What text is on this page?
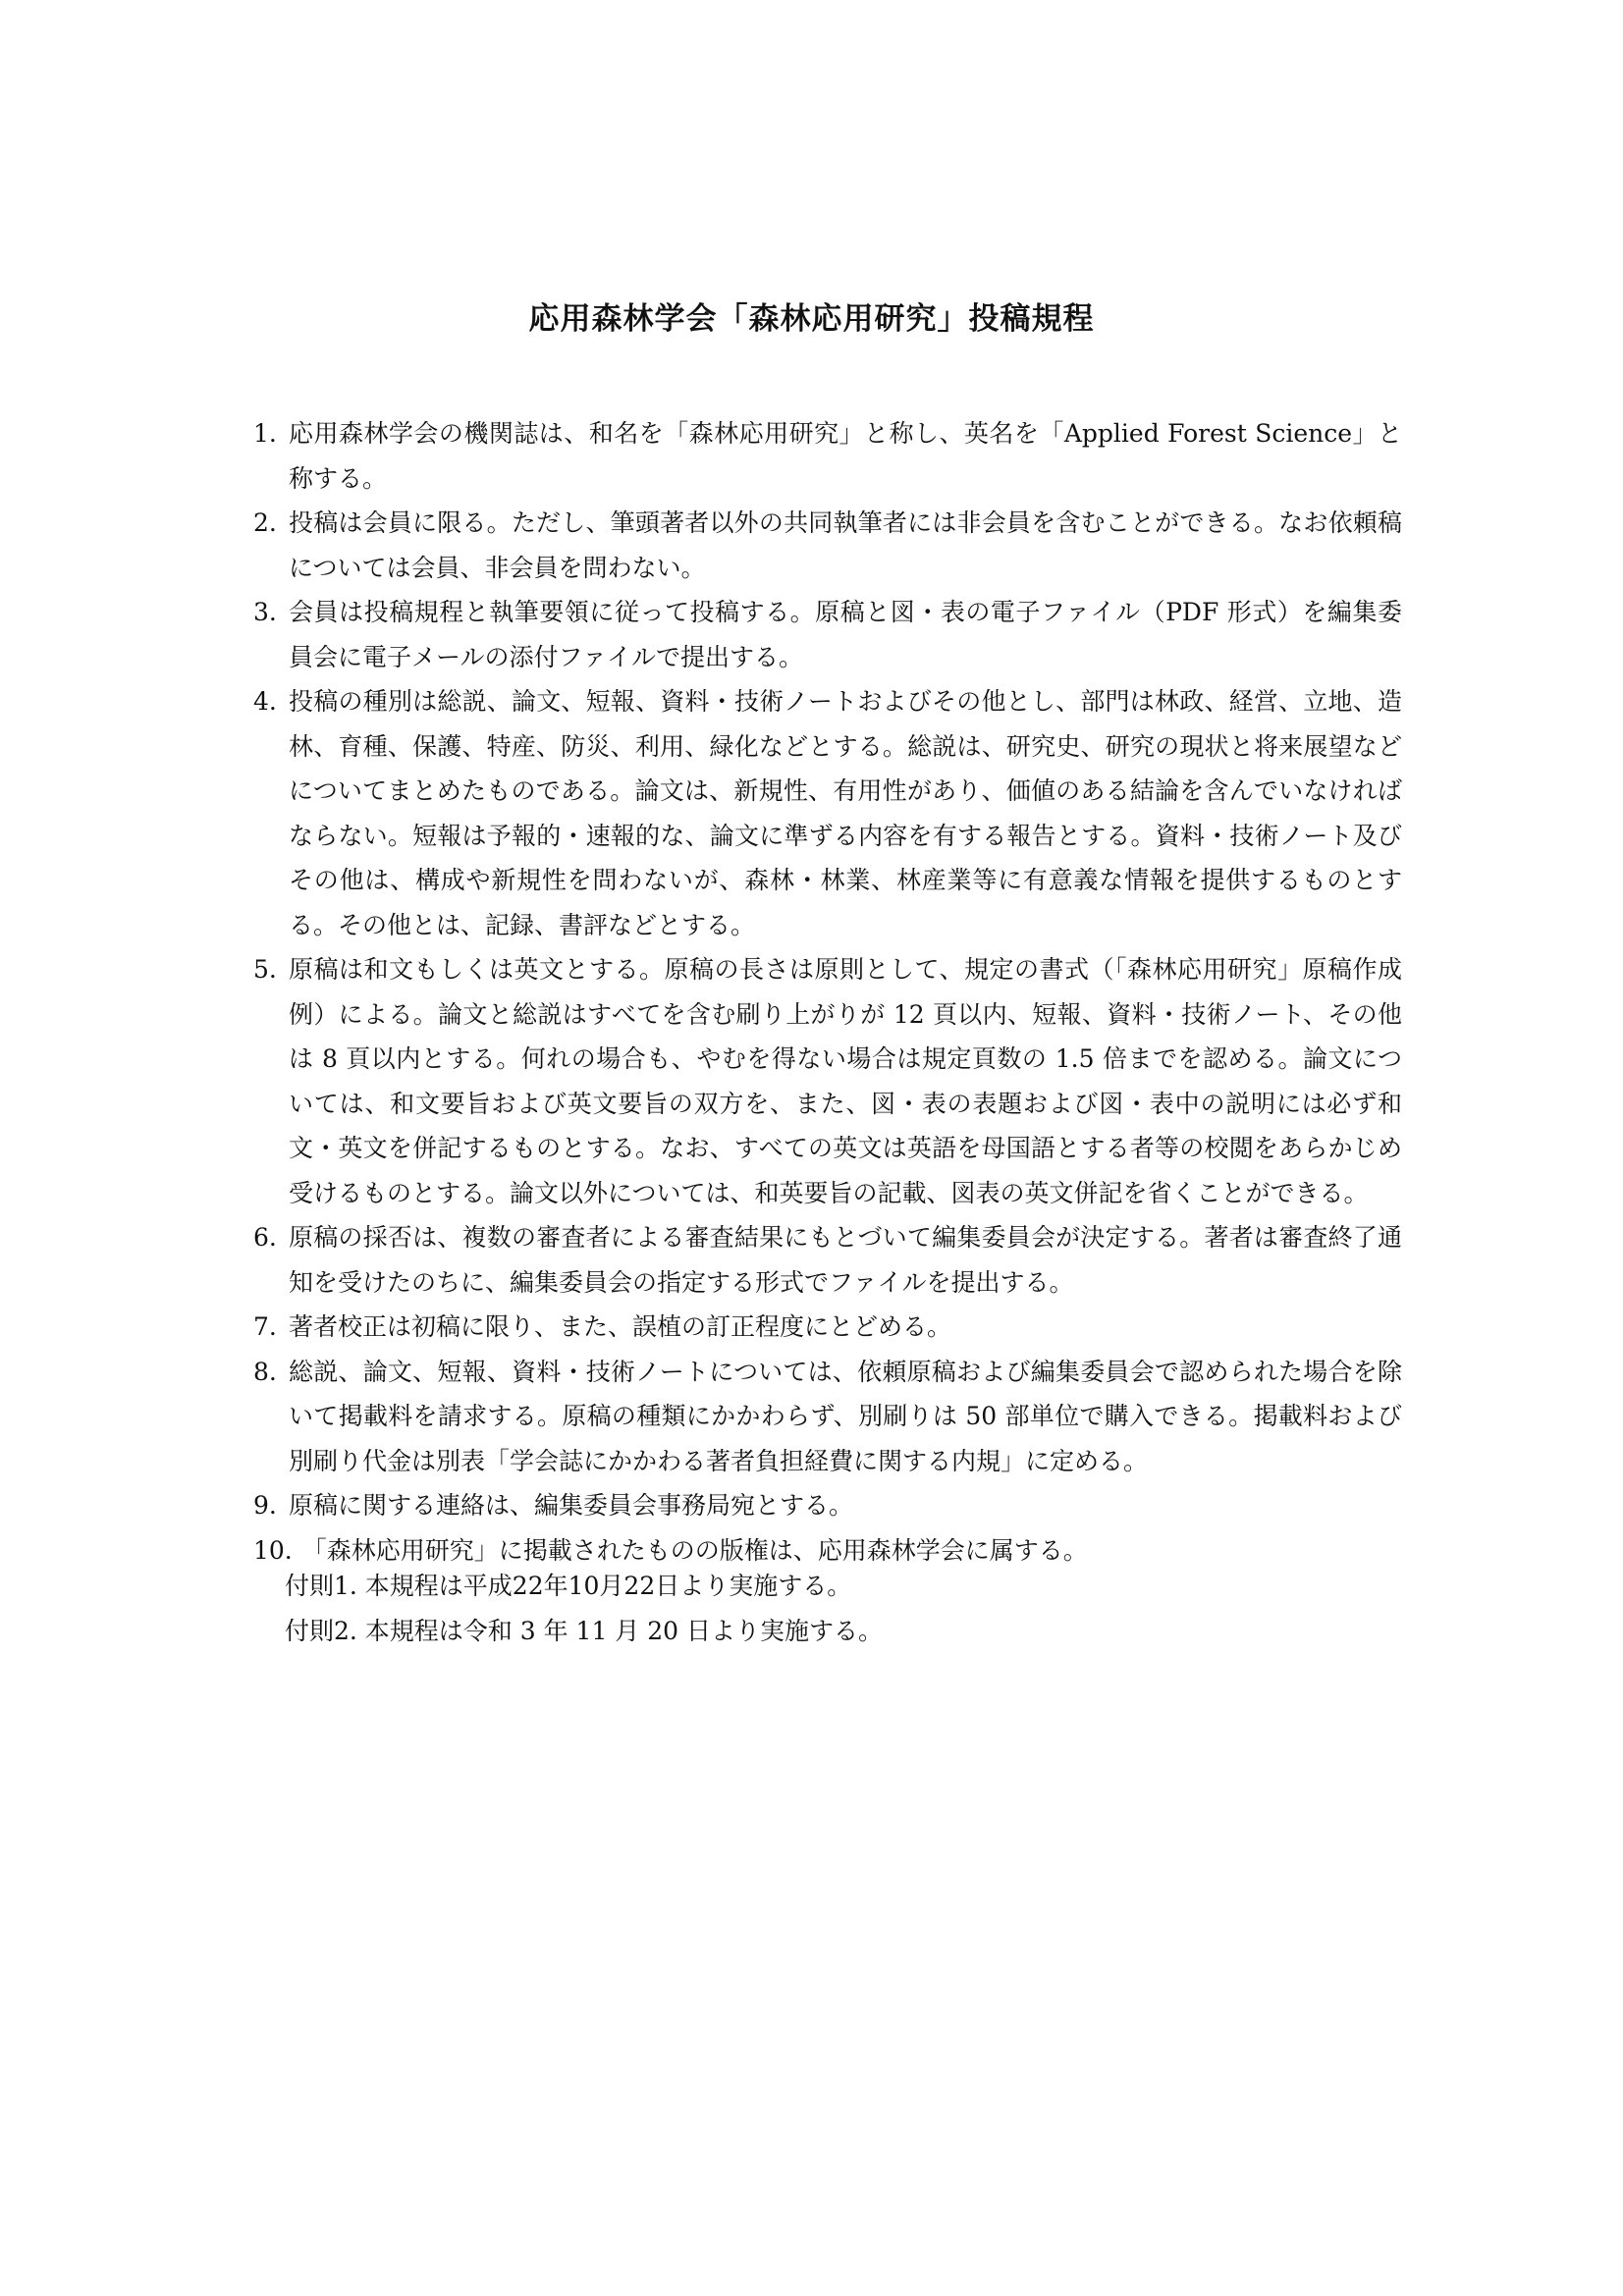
応用森林学会「森林応用研究」投稿規程
1. 応用森林学会の機関誌は、和名を「森林応用研究」と称し、英名を「Applied Forest Science」と称する。
2. 投稿は会員に限る。ただし、筆頭著者以外の共同執筆者には非会員を含むことができる。なお依頼稿については会員、非会員を問わない。
3. 会員は投稿規程と執筆要領に従って投稿する。原稿と図・表の電子ファイル（PDF 形式）を編集委員会に電子メールの添付ファイルで提出する。
4. 投稿の種別は総説、論文、短報、資料・技術ノートおよびその他とし、部門は林政、経営、立地、造林、育種、保護、特産、防災、利用、緑化などとする。総説は、研究史、研究の現状と将来展望などについてまとめたものである。論文は、新規性、有用性があり、価値のある結論を含んでいなければならない。短報は予報的・速報的な、論文に準ずる内容を有する報告とする。資料・技術ノート及びその他は、構成や新規性を問わないが、森林・林業、林産業等に有意義な情報を提供するものとする。その他とは、記録、書評などとする。
5. 原稿は和文もしくは英文とする。原稿の長さは原則として、規定の書式（「森林応用研究」原稿作成例）による。論文と総説はすべてを含む刷り上がりが 12 頁以内、短報、資料・技術ノート、その他は 8 頁以内とする。何れの場合も、やむを得ない場合は規定頁数の 1.5 倍までを認める。論文については、和文要旨および英文要旨の双方を、また、図・表の表題および図・表中の説明には必ず和文・英文を併記するものとする。なお、すべての英文は英語を母国語とする者等の校閲をあらかじめ受けるものとする。論文以外については、和英要旨の記載、図表の英文併記を省くことができる。
6. 原稿の採否は、複数の審査者による審査結果にもとづいて編集委員会が決定する。著者は審査終了通知を受けたのちに、編集委員会の指定する形式でファイルを提出する。
7. 著者校正は初稿に限り、また、誤植の訂正程度にとどめる。
8. 総説、論文、短報、資料・技術ノートについては、依頼原稿および編集委員会で認められた場合を除いて掲載料を請求する。原稿の種類にかかわらず、別刷りは 50 部単位で購入できる。掲載料および別刷り代金は別表「学会誌にかかわる著者負担経費に関する内規」に定める。
9. 原稿に関する連絡は、編集委員会事務局宛とする。
10. 「森林応用研究」に掲載されたものの版権は、応用森林学会に属する。
付則1. 本規程は平成22年10月22日より実施する。
付則2. 本規程は令和 3 年 11 月 20 日より実施する。
